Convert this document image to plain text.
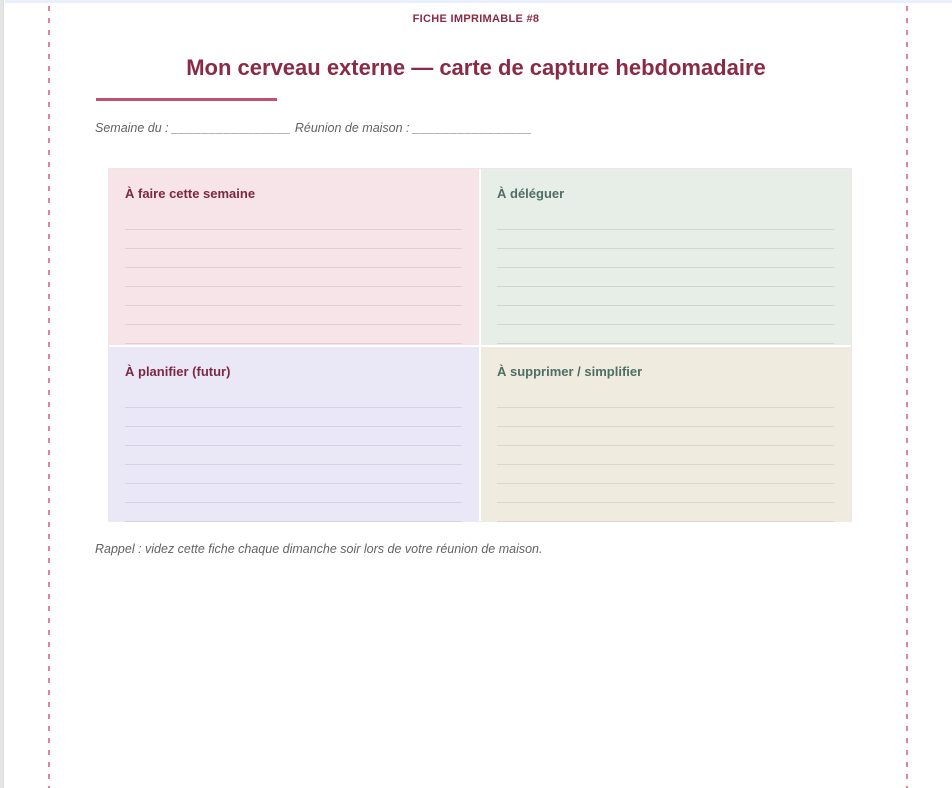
FICHE IMPRIMABLE #8
Mon cerveau externe — carte de capture hebdomadaire
Semaine du : ________________ Réunion de maison : ________________
À faire cette semaine	À déléguer
À planifier (futur)	À supprimer / simplifier
Rappel : videz cette fiche chaque dimanche soir lors de votre réunion de maison.
